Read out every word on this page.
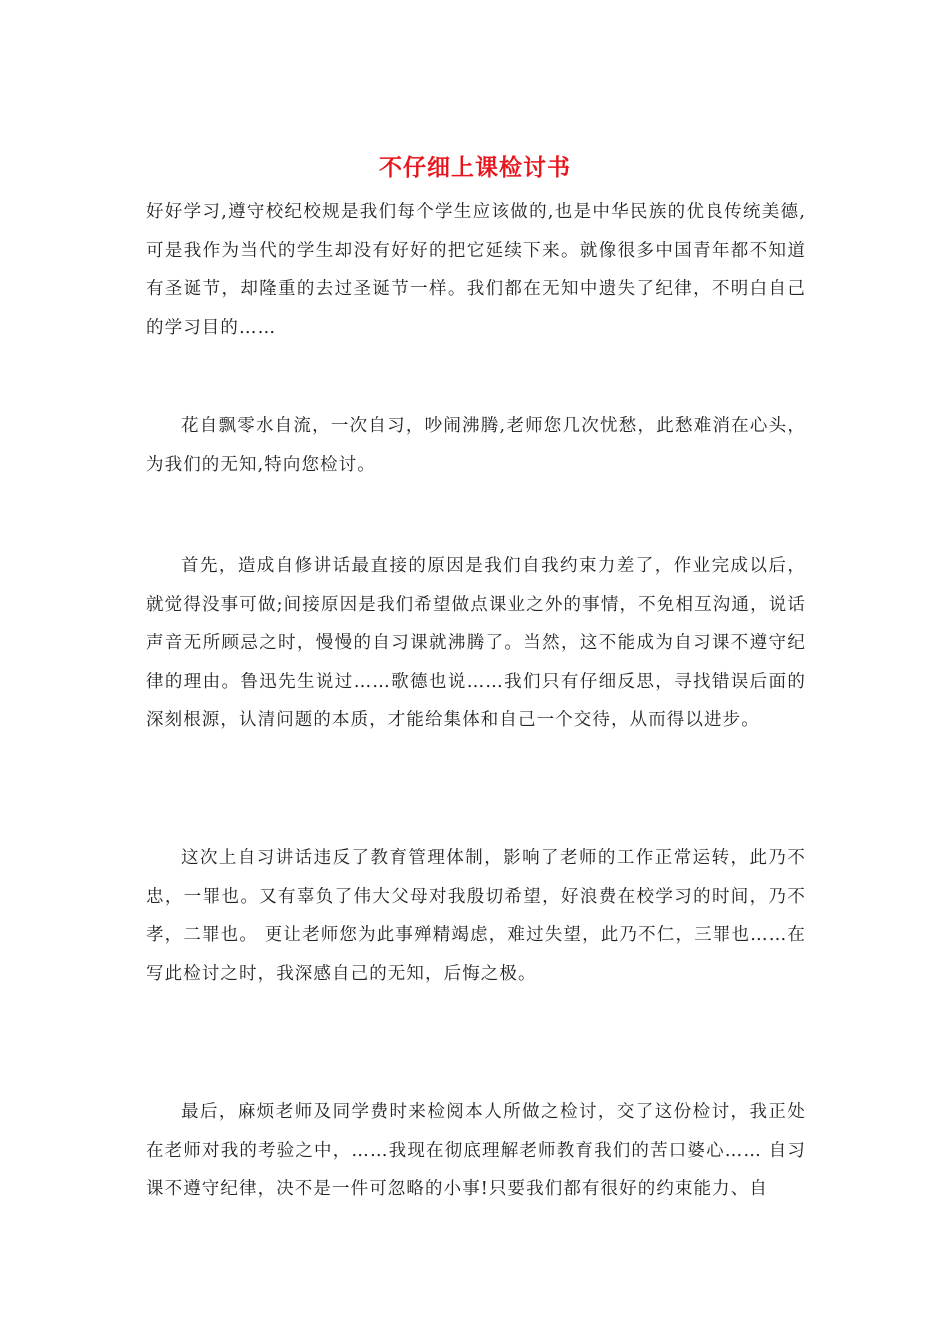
不仔细上课检讨书

好好学习,遵守校纪校规是我们每个学生应该做的,也是中华民族的优良传统美德,可是我作为当代的学生却没有好好的把它延续下来。就像很多中国青年都不知道有圣诞节，却隆重的去过圣诞节一样。我们都在无知中遗失了纪律，不明白自己的学习目的……

花自飘零水自流，一次自习，吵闹沸腾,老师您几次忧愁，此愁难消在心头，为我们的无知,特向您检讨。

首先，造成自修讲话最直接的原因是我们自我约束力差了，作业完成以后，就觉得没事可做;间接原因是我们希望做点课业之外的事情，不免相互沟通，说话声音无所顾忌之时，慢慢的自习课就沸腾了。当然，这不能成为自习课不遵守纪律的理由。鲁迅先生说过……歌德也说……我们只有仔细反思，寻找错误后面的深刻根源，认清问题的本质，才能给集体和自己一个交待，从而得以进步。

这次上自习讲话违反了教育管理体制，影响了老师的工作正常运转，此乃不忠，一罪也。又有辜负了伟大父母对我殷切希望，好浪费在校学习的时间，乃不孝，二罪也。 更让老师您为此事殚精竭虑，难过失望，此乃不仁，三罪也……在写此检讨之时，我深感自己的无知，后悔之极。

最后，麻烦老师及同学费时来检阅本人所做之检讨，交了这份检讨，我正处在老师对我的考验之中，……我现在彻底理解老师教育我们的苦口婆心…… 自习课不遵守纪律，决不是一件可忽略的小事!只要我们都有很好的约束能力、自
